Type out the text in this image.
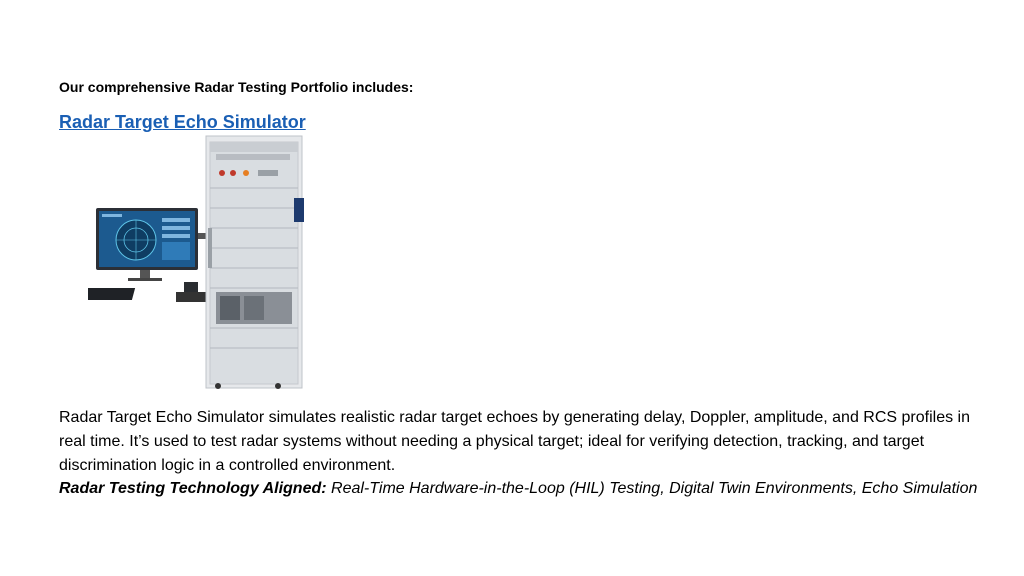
Our comprehensive Radar Testing Portfolio includes:

Radar Target Echo Simulator

Radar Target Echo Simulator simulates realistic radar target echoes by generating delay, Doppler, amplitude, and RCS profiles in real time. It’s used to test radar systems without needing a physical target; ideal for verifying detection, tracking, and target discrimination logic in a controlled environment.

Radar Testing Technology Aligned: Real-Time Hardware-in-the-Loop (HIL) Testing, Digital Twin Environments, Echo Simulation
